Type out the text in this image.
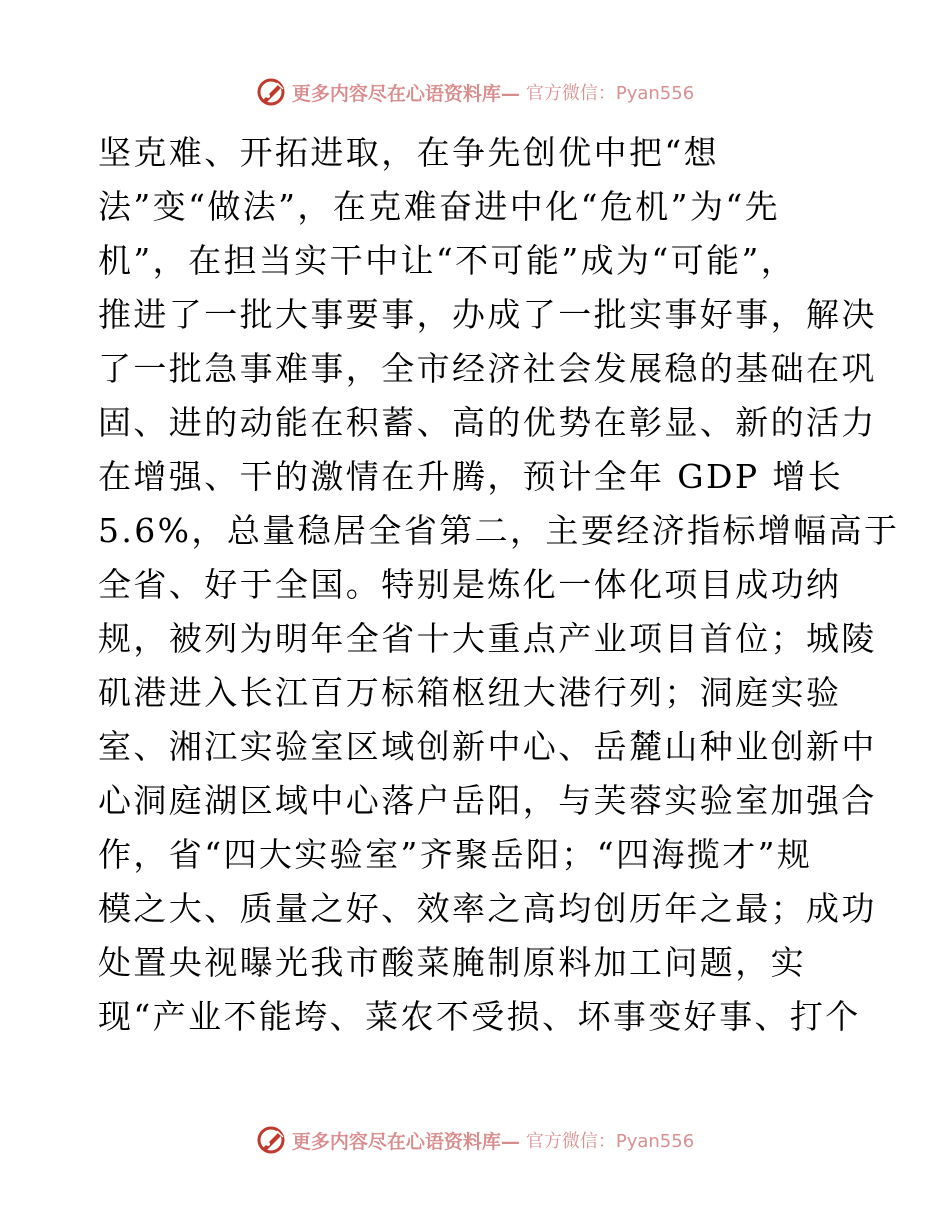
更多内容尽在心语资料库— 官方微信：Pyan556
坚克难、开拓进取，在争先创优中把“想
法”变“做法”，在克难奋进中化“危机”为“先
机”，在担当实干中让“不可能”成为“可能”，
推进了一批大事要事，办成了一批实事好事，解决
了一批急事难事，全市经济社会发展稳的基础在巩
固、进的动能在积蓄、高的优势在彰显、新的活力
在增强、干的激情在升腾，预计全年 GDP 增长
5.6%，总量稳居全省第二，主要经济指标增幅高于
全省、好于全国。特别是炼化一体化项目成功纳
规，被列为明年全省十大重点产业项目首位；城陵
矶港进入长江百万标箱枢纽大港行列；洞庭实验
室、湘江实验室区域创新中心、岳麓山种业创新中
心洞庭湖区域中心落户岳阳，与芙蓉实验室加强合
作，省“四大实验室”齐聚岳阳；“四海揽才”规
模之大、质量之好、效率之高均创历年之最；成功
处置央视曝光我市酸菜腌制原料加工问题，实
现“产业不能垮、菜农不受损、坏事变好事、打个
更多内容尽在心语资料库— 官方微信：Pyan556
